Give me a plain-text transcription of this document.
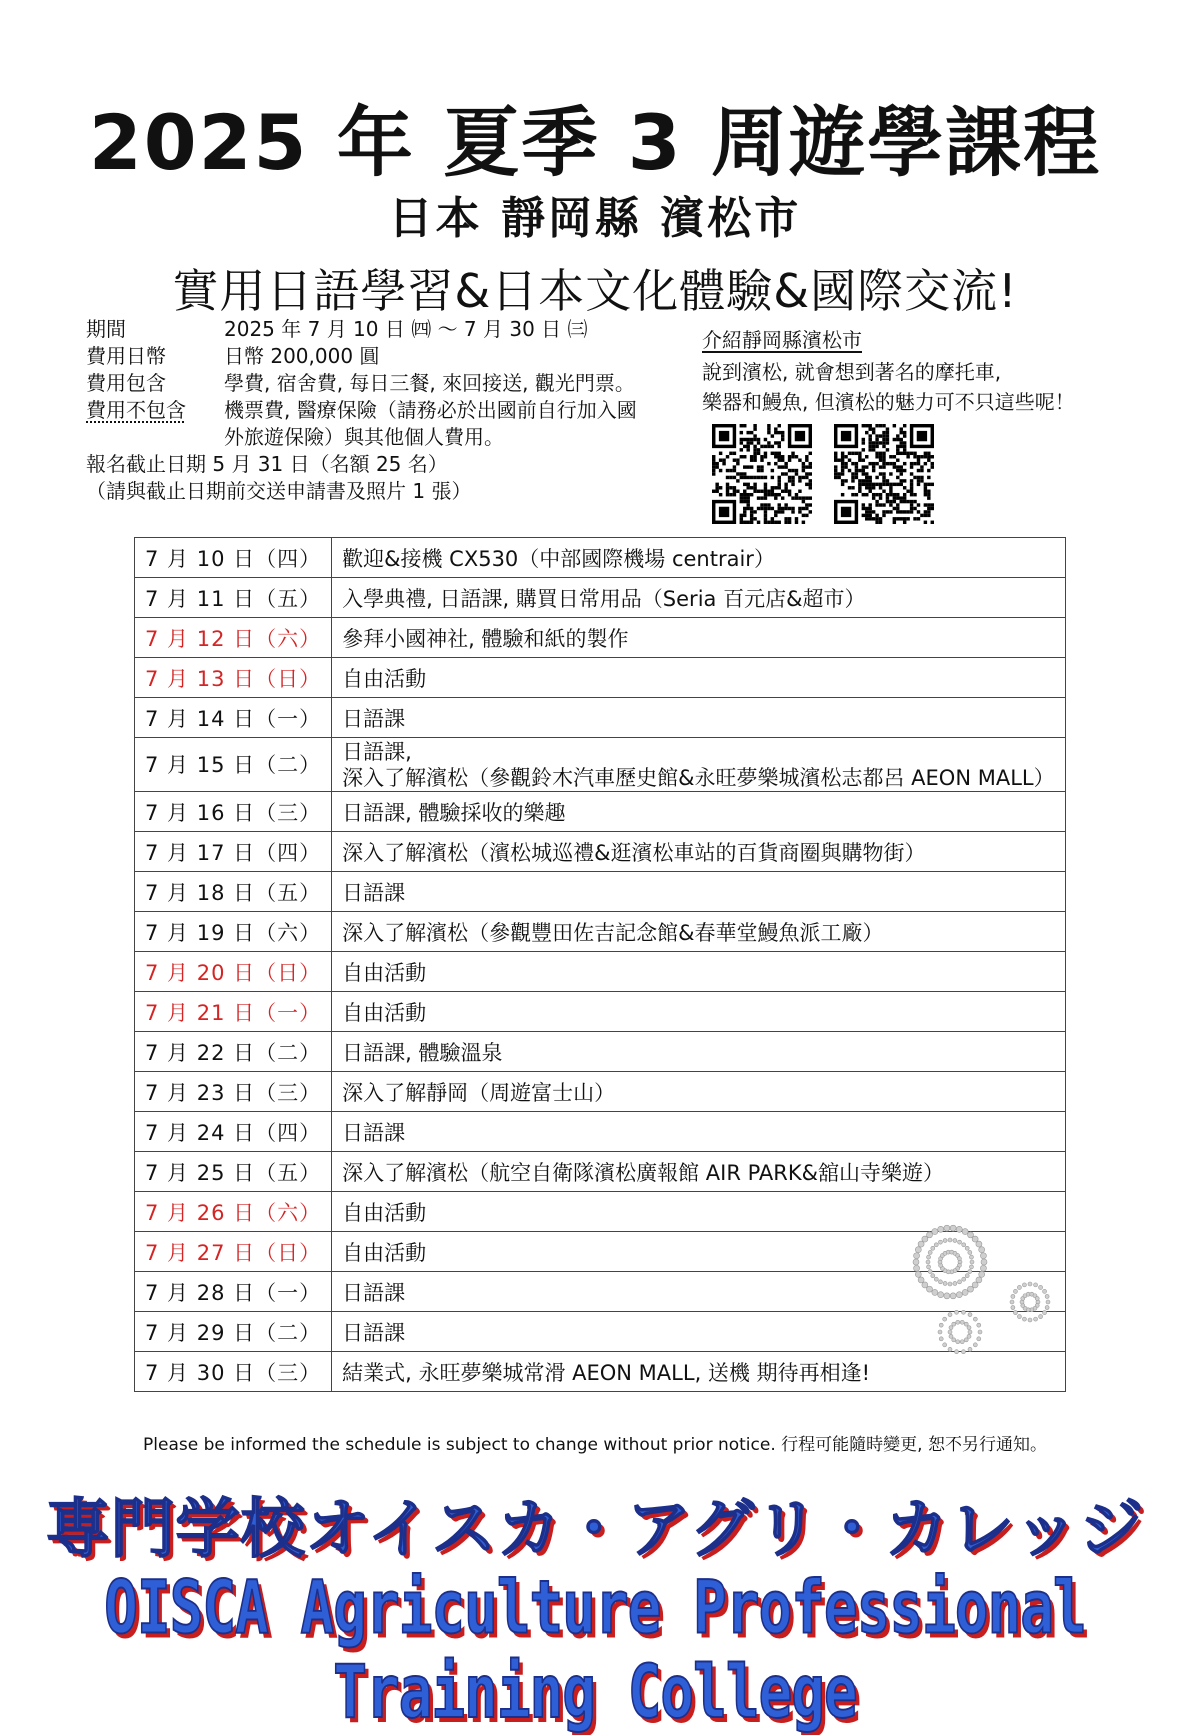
2025 年 夏季 3 周遊學課程
日本 靜岡縣 濱松市
實用日語學習&日本文化體驗&國際交流!
期間	2025 年 7 月 10 日 ㈣ ～ 7 月 30 日 ㈢
費用日幣	日幣 200,000 圓
費用包含	學費, 宿舍費, 每日三餐, 來回接送, 觀光門票。
費用不包含 機票費, 醫療保險（請務必於出國前自行加入國
外旅遊保險）與其他個人費用。
報名截止日期 5 月 31 日（名額 25 名）
（請與截止日期前交送申請書及照片 1 張）
介紹靜岡縣濱松市
說到濱松, 就會想到著名的摩托車,
樂器和鰻魚, 但濱松的魅力可不只這些呢！
7 月 10 日（四）	歡迎&接機 CX530（中部國際機場 centrair）

7 月 11 日（五）	入學典禮, 日語課, 購買日常用品（Seria 百元店&超市）

7 月 12 日（六）	參拜小國神社, 體驗和紙的製作

7 月 13 日（日）	自由活動

7 月 14 日（一）	日語課

7 月 15 日（二）	日語課,
深入了解濱松（參觀鈴木汽車歷史館&永旺夢樂城濱松志都呂 AEON MALL）

7 月 16 日（三）	日語課, 體驗採收的樂趣

7 月 17 日（四）	深入了解濱松（濱松城巡禮&逛濱松車站的百貨商圈與購物街）

7 月 18 日（五）	日語課

7 月 19 日（六）	深入了解濱松（參觀豐田佐吉記念館&春華堂鰻魚派工廠）

7 月 20 日（日）	自由活動

7 月 21 日（一）	自由活動

7 月 22 日（二）	日語課, 體驗溫泉

7 月 23 日（三）	深入了解靜岡（周遊富士山）

7 月 24 日（四）	日語課

7 月 25 日（五）	深入了解濱松（航空自衛隊濱松廣報館 AIR PARK&舘山寺樂遊）

7 月 26 日（六）	自由活動

7 月 27 日（日）	自由活動

7 月 28 日（一）	日語課

7 月 29 日（二）	日語課

7 月 30 日（三）	結業式, 永旺夢樂城常滑 AEON MALL, 送機 期待再相逢!
Please be informed the schedule is subject to change without prior notice. 行程可能隨時變更, 恕不另行通知。
専門学校オイスカ・アグリ・カレッジ
OISCA Agriculture Professional Training College
